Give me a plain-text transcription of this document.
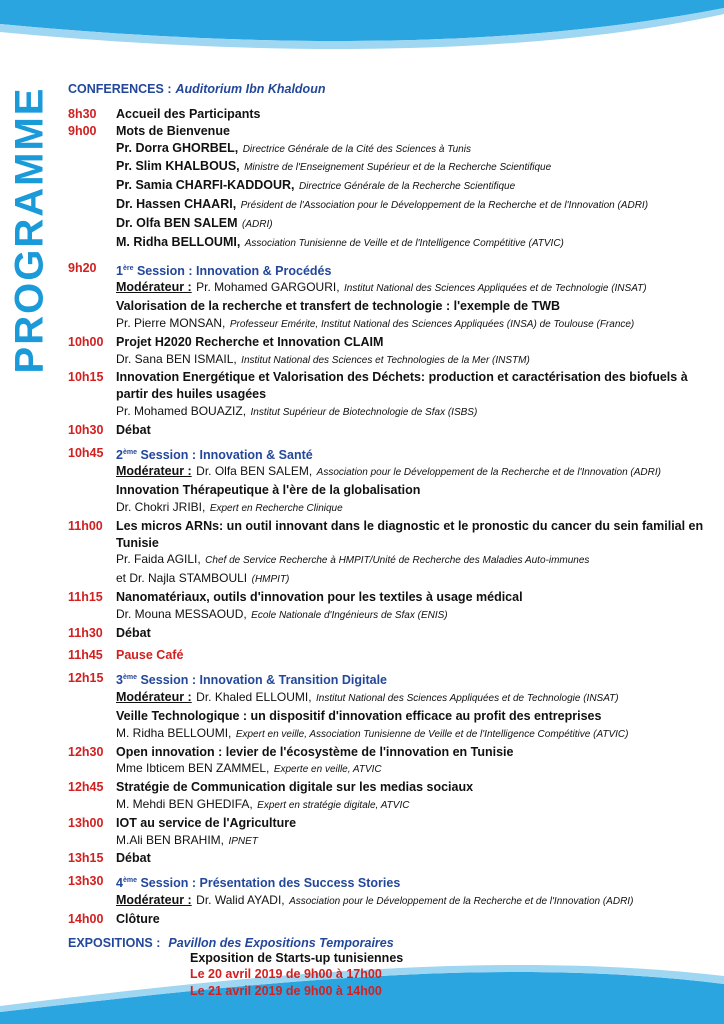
PROGRAMME CONFERENCES : Auditorium Ibn Khaldoun
8h30 Accueil des Participants
9h00 Mots de Bienvenue
Pr. Dorra GHORBEL, Directrice Générale de la Cité des Sciences à Tunis
Pr. Slim KHALBOUS, Ministre de l'Enseignement Supérieur et de la Recherche Scientifique
Pr. Samia CHARFI-KADDOUR, Directrice Générale de la Recherche Scientifique
Dr. Hassen CHAARI, Président de l'Association pour le Développement de la Recherche et de l'Innovation (ADRI)
Dr. Olfa BEN SALEM (ADRI)
M. Ridha BELLOUMI, Association Tunisienne de Veille et de l'Intelligence Compétitive (ATVIC)
9h20 1ère Session : Innovation & Procédés
Modérateur : Pr. Mohamed GARGOURI, Institut National des Sciences Appliquées et de Technologie (INSAT)
Valorisation de la recherche et transfert de technologie : l'exemple de TWB
Pr. Pierre MONSAN, Professeur Emérite, Institut National des Sciences Appliquées (INSA) de Toulouse (France)
10h00 Projet H2020 Recherche et Innovation CLAIM
Dr. Sana BEN ISMAIL, Institut National des Sciences et Technologies de la Mer (INSTM)
10h15 Innovation Energétique et Valorisation des Déchets: production et caractérisation des biofuels à partir des huiles usagées
Pr. Mohamed BOUAZIZ, Institut Supérieur de Biotechnologie de Sfax (ISBS)
10h30 Débat
10h45 2ème Session : Innovation & Santé
Modérateur : Dr. Olfa BEN SALEM, Association pour le Développement de la Recherche et de l'Innovation (ADRI)
Innovation Thérapeutique à l'ère de la globalisation
Dr. Chokri JRIBI, Expert en Recherche Clinique
11h00 Les micros ARNs: un outil innovant dans le diagnostic et le pronostic du cancer du sein familial en Tunisie
Pr. Faida AGILI, Chef de Service Recherche à HMPIT/Unité de Recherche des Maladies Auto-immunes
et Dr. Najla STAMBOULI (HMPIT)
11h15 Nanomatériaux, outils d'innovation pour les textiles à usage médical
Dr. Mouna MESSAOUD, Ecole Nationale d'Ingénieurs de Sfax (ENIS)
11h30 Débat
11h45 Pause Café
12h15 3ème Session : Innovation & Transition Digitale
Modérateur : Dr. Khaled ELLOUMI, Institut National des Sciences Appliquées et de Technologie (INSAT)
Veille Technologique : un dispositif d'innovation efficace au profit des entreprises
M. Ridha BELLOUMI, Expert en veille, Association Tunisienne de Veille et de l'Intelligence Compétitive (ATVIC)
12h30 Open innovation : levier de l'écosystème de l'innovation en Tunisie
Mme Ibticem BEN ZAMMEL, Experte en veille, ATVIC
12h45 Stratégie de Communication digitale sur les medias sociaux
M. Mehdi BEN GHEDIFA, Expert en stratégie digitale, ATVIC
13h00 IOT au service de l'Agriculture
M.Ali BEN BRAHIM, IPNET
13h15 Débat
13h30 4ème Session : Présentation des Success Stories
Modérateur : Dr. Walid AYADI, Association pour le Développement de la Recherche et de l'Innovation (ADRI)
14h00 Clôture
EXPOSITIONS : Pavillon des Expositions Temporaires
Exposition de Starts-up tunisiennes
Le 20 avril 2019 de 9h00 à 17h00
Le 21 avril 2019 de 9h00 à 14h00
